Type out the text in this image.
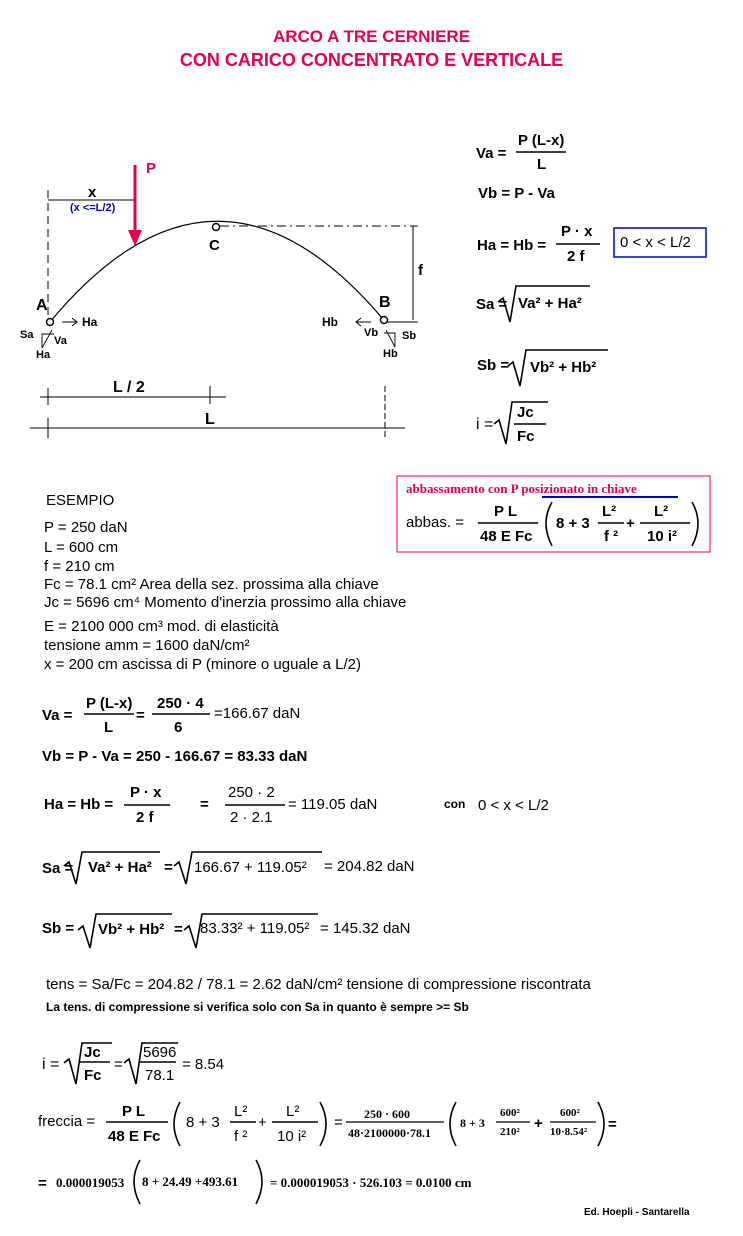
ARCO A TRE CERNIERE
CON CARICO CONCENTRATO E VERTICALE
P
x
(x <=L/2)
C
f
A	B
Ha
Sa Va
Ha
Hb
Vb Sb
Hb
L / 2
L
Va =
P (L-x)
L
Vb = P - Va
Ha = Hb =
P · x
2 f
0 < x < L/2
Sa = Va² + Ha²
Sb = Vb² + Hb²
i =
Jc
Fc
abbassamento con P posizionato in chiave
abbas. =
P L
48 E Fc
8 + 3
L²
f ²
+
L²
10 i²
ESEMPIO
P = 250 daN
L = 600 cm
f = 210 cm
Fc = 78.1 cm² Area della sez. prossima alla chiave
Jc = 5696 cm⁴ Momento d'inerzia prossimo alla chiave
E = 2100 000 cm³ mod. di elasticità
tensione amm = 1600 daN/cm²
x = 200 cm ascissa di P (minore o uguale a L/2)
Va =
P (L-x)
L
=
250 · 4
6
=166.67 daN
Vb = P - Va = 250 - 166.67 = 83.33 daN
Ha = Hb =
P · x
2 f
=
250 · 2
2 · 2.1
= 119.05 daN	con 0 < x < L/2
Sa = Va² + Ha² = 166.67 + 119.05² = 204.82 daN
Sb = Vb² + Hb² = 83.33² + 119.05² = 145.32 daN
tens = Sa/Fc = 204.82 / 78.1 = 2.62 daN/cm² tensione di compressione riscontrata
La tens. di compressione si verifica solo con Sa in quanto è sempre >= Sb
i =
Jc
Fc
=
5696
78.1
= 8.54
freccia =
P L
48 E Fc
8 + 3
L²
f ²
+
L²
10 i²
= 250 · 600
48·2100000·78.1
8 + 3
600²
210² +
600²
10·8.54² =
= 0.000019053 8 + 24.49 +493.61 = 0.000019053 · 526.103 = 0.0100 cm
Ed. Hoepli - Santarella
